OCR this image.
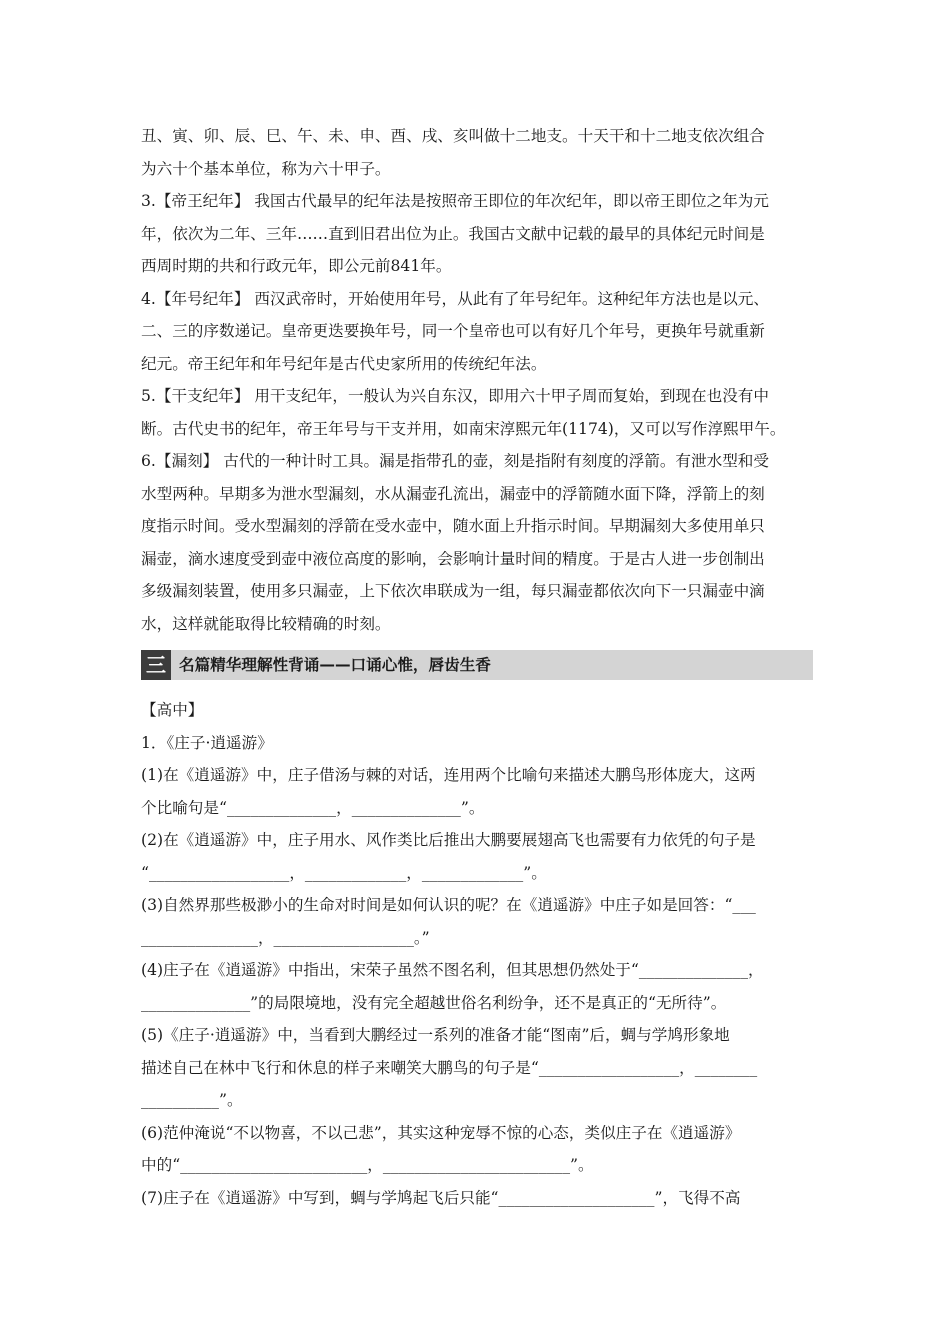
丑、寅、卯、辰、巳、午、未、申、酉、戌、亥叫做十二地支。十天干和十二地支依次组合
为六十个基本单位，称为六十甲子。
3.【帝王纪年】 我国古代最早的纪年法是按照帝王即位的年次纪年，即以帝王即位之年为元
年，依次为二年、三年……直到旧君出位为止。我国古文献中记载的最早的具体纪元时间是
西周时期的共和行政元年，即公元前841年。
4.【年号纪年】 西汉武帝时，开始使用年号，从此有了年号纪年。这种纪年方法也是以元、
二、三的序数递记。皇帝更迭要换年号，同一个皇帝也可以有好几个年号，更换年号就重新
纪元。帝王纪年和年号纪年是古代史家所用的传统纪年法。
5.【干支纪年】 用干支纪年，一般认为兴自东汉，即用六十甲子周而复始，到现在也没有中
断。古代史书的纪年，帝王年号与干支并用，如南宋淳熙元年(1174)，又可以写作淳熙甲午。
6.【漏刻】 古代的一种计时工具。漏是指带孔的壶，刻是指附有刻度的浮箭。有泄水型和受
水型两种。早期多为泄水型漏刻，水从漏壶孔流出，漏壶中的浮箭随水面下降，浮箭上的刻
度指示时间。受水型漏刻的浮箭在受水壶中，随水面上升指示时间。早期漏刻大多使用单只
漏壶，滴水速度受到壶中液位高度的影响，会影响计量时间的精度。于是古人进一步创制出
多级漏刻装置，使用多只漏壶，上下依次串联成为一组，每只漏壶都依次向下一只漏壶中滴
水，这样就能取得比较精确的时刻。
三 名篇精华理解性背诵——口诵心惟，唇齿生香
【高中】
1．《庄子·逍遥游》
(1)在《逍遥游》中，庄子借汤与棘的对话，连用两个比喻句来描述大鹏鸟形体庞大，这两
个比喻句是“______________，______________”。
(2)在《逍遥游》中，庄子用水、风作类比后推出大鹏要展翅高飞也需要有力依凭的句子是
“__________________，_____________，_____________”。
(3)自然界那些极渺小的生命对时间是如何认识的呢？在《逍遥游》中庄子如是回答：“___
_______________，__________________。”
(4)庄子在《逍遥游》中指出，宋荣子虽然不图名利，但其思想仍然处于“______________，
______________”的局限境地，没有完全超越世俗名利纷争，还不是真正的“无所待”。
(5)《庄子·逍遥游》中，当看到大鹏经过一系列的准备才能“图南”后，蜩与学鸠形象地
描述自己在林中飞行和休息的样子来嘲笑大鹏鸟的句子是“__________________，________
__________”。
(6)范仲淹说“不以物喜，不以己悲”，其实这种宠辱不惊的心态，类似庄子在《逍遥游》
中的“________________________，________________________”。
(7)庄子在《逍遥游》中写到，蜩与学鸠起飞后只能“____________________”，飞得不高
